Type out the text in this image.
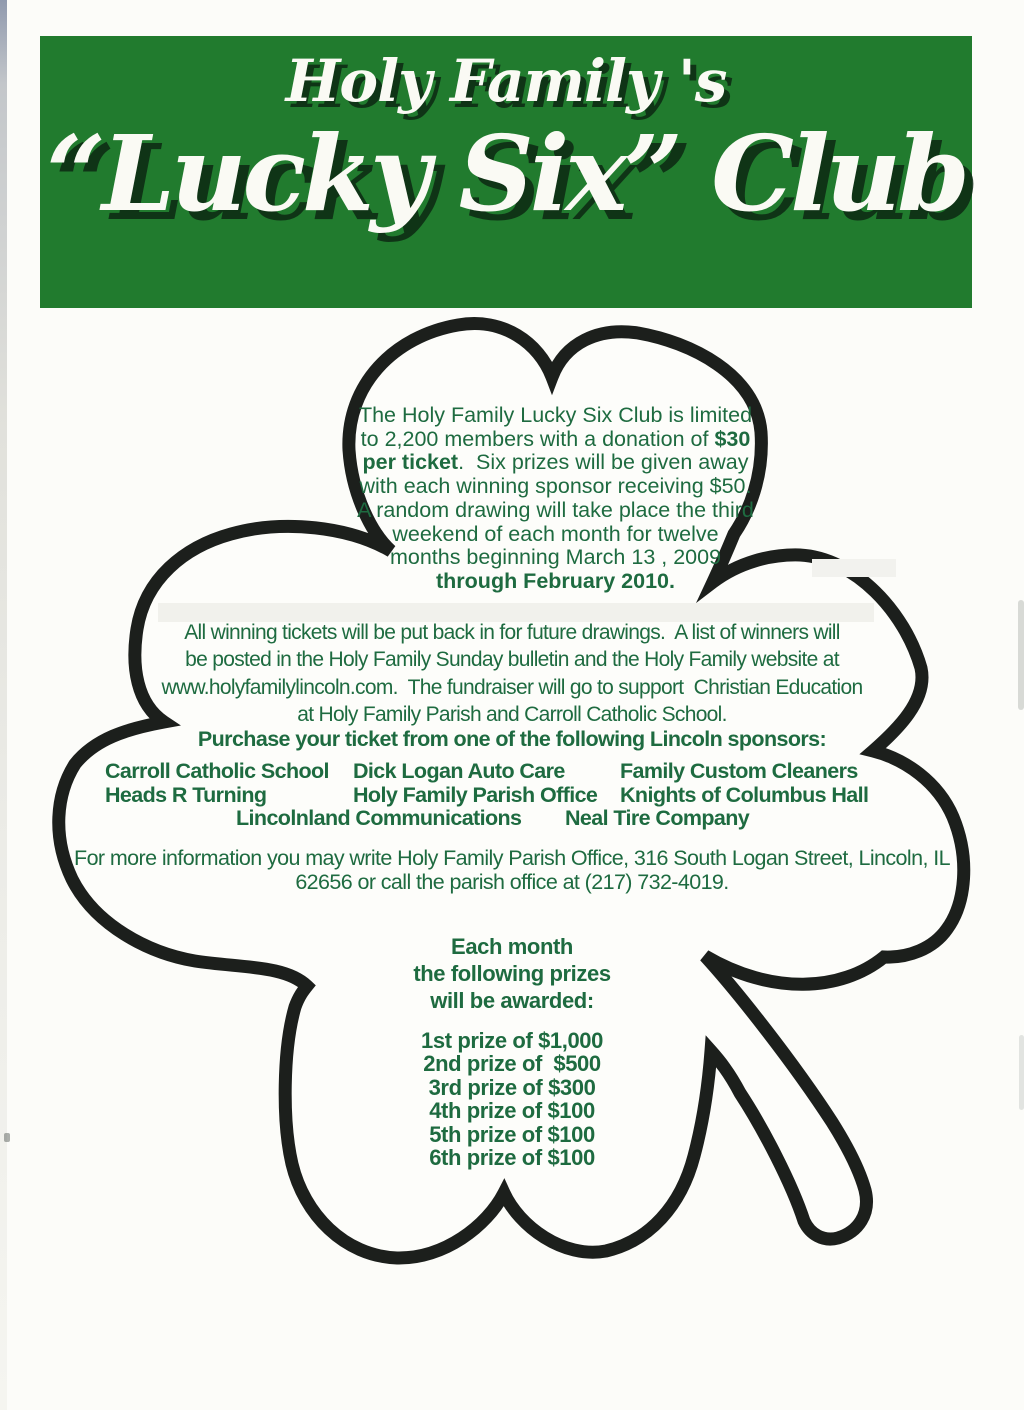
Holy Family 's
“Lucky Six” Club
The Holy Family Lucky Six Club is limited
to 2,200 members with a donation of $30
per ticket.  Six prizes will be given away
with each winning sponsor receiving $50.
A random drawing will take place the third
weekend of each month for twelve
months beginning March 13 , 2009
through February 2010.
All winning tickets will be put back in for future drawings.  A list of winners will
be posted in the Holy Family Sunday bulletin and the Holy Family website at
www.holyfamilylincoln.com.  The fundraiser will go to support  Christian Education
at Holy Family Parish and Carroll Catholic School.
Purchase your ticket from one of the following Lincoln sponsors:
Carroll Catholic School Dick Logan Auto Care	Family Custom Cleaners
Heads R Turning	Holy Family Parish Office Knights of Columbus Hall
Lincolnland Communications Neal Tire Company
For more information you may write Holy Family Parish Office, 316 South Logan Street, Lincoln, IL
62656 or call the parish office at (217) 732-4019.
Each month
the following prizes
will be awarded:
1st prize of $1,000
2nd prize of  $500
3rd prize of $300
4th prize of $100
5th prize of $100
6th prize of $100
